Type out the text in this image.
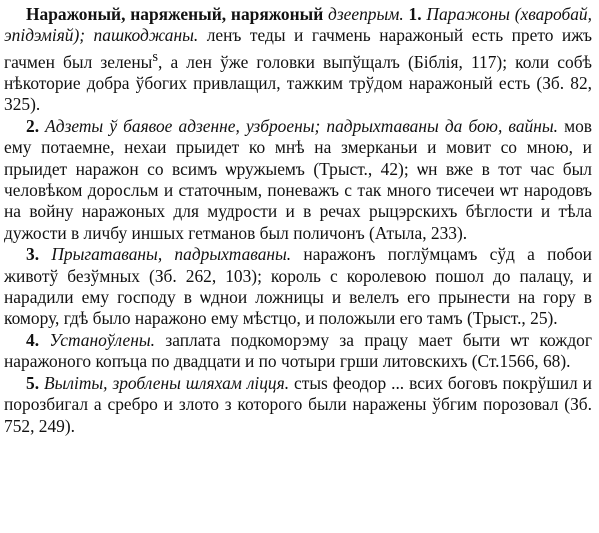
Наражоный, наряженый, наряжоный дзеепрым. 1. Паражоны (хваробай, эпідэміяй); пашкоджаны. ленъ теды и гачмень наражоный есть прето ижъ гачмен был зелены$^s$, а лен ўже головки выпўщалъ (Біблія, 117); коли собѣ нѣкоторие добра ўбогих привлащил, тажким трўдом наражоный есть (Зб. 82, 325).

2. Адзеты ў баявое адзенне, узброены; падрыхтаваны да бою, вайны. мов ему потаемне, нехаи прыидет ко мнѣ на змерканьи и мовит со мною, и прыидет наражон со всимъ ѡружыемъ (Трыст., 42); ѡн вже в тот час был человѣком доросльм и статочным, поневажъ с так много тисечеи ѡт народовъ на войну наражоных для мудрости и в речах рыцэрскихъ бѣглости и тѣла дужости в личбу иншых гетманов был поличонъ (Атыла, 233).

3. Прыгатаваны, падрыхтаваны. наражонъ поглўмцамъ сўд а побои животў безўмных (Зб. 262, 103); король с королевою пошол до палацу, и нарадили ему господу в ѡднои ложницы и велелъ его прынести на гору в комору, гдѣ было наражоно ему мѣстцо, и положыли его тамъ (Трыст., 25).

4. Устаноўлены. заплата подкоморэму за працу мает быти ѡт кождог наражоного копъца по двадцати и по чотыри грши литовскихъ (Ст.1566, 68).

5. Выліты, зроблены шляхам ліцця. стыs феодор ... всих боговъ покрўшил и порозбигал а сребро и злото з которого были наражены ўбгим порозовал (Зб. 752, 249).
